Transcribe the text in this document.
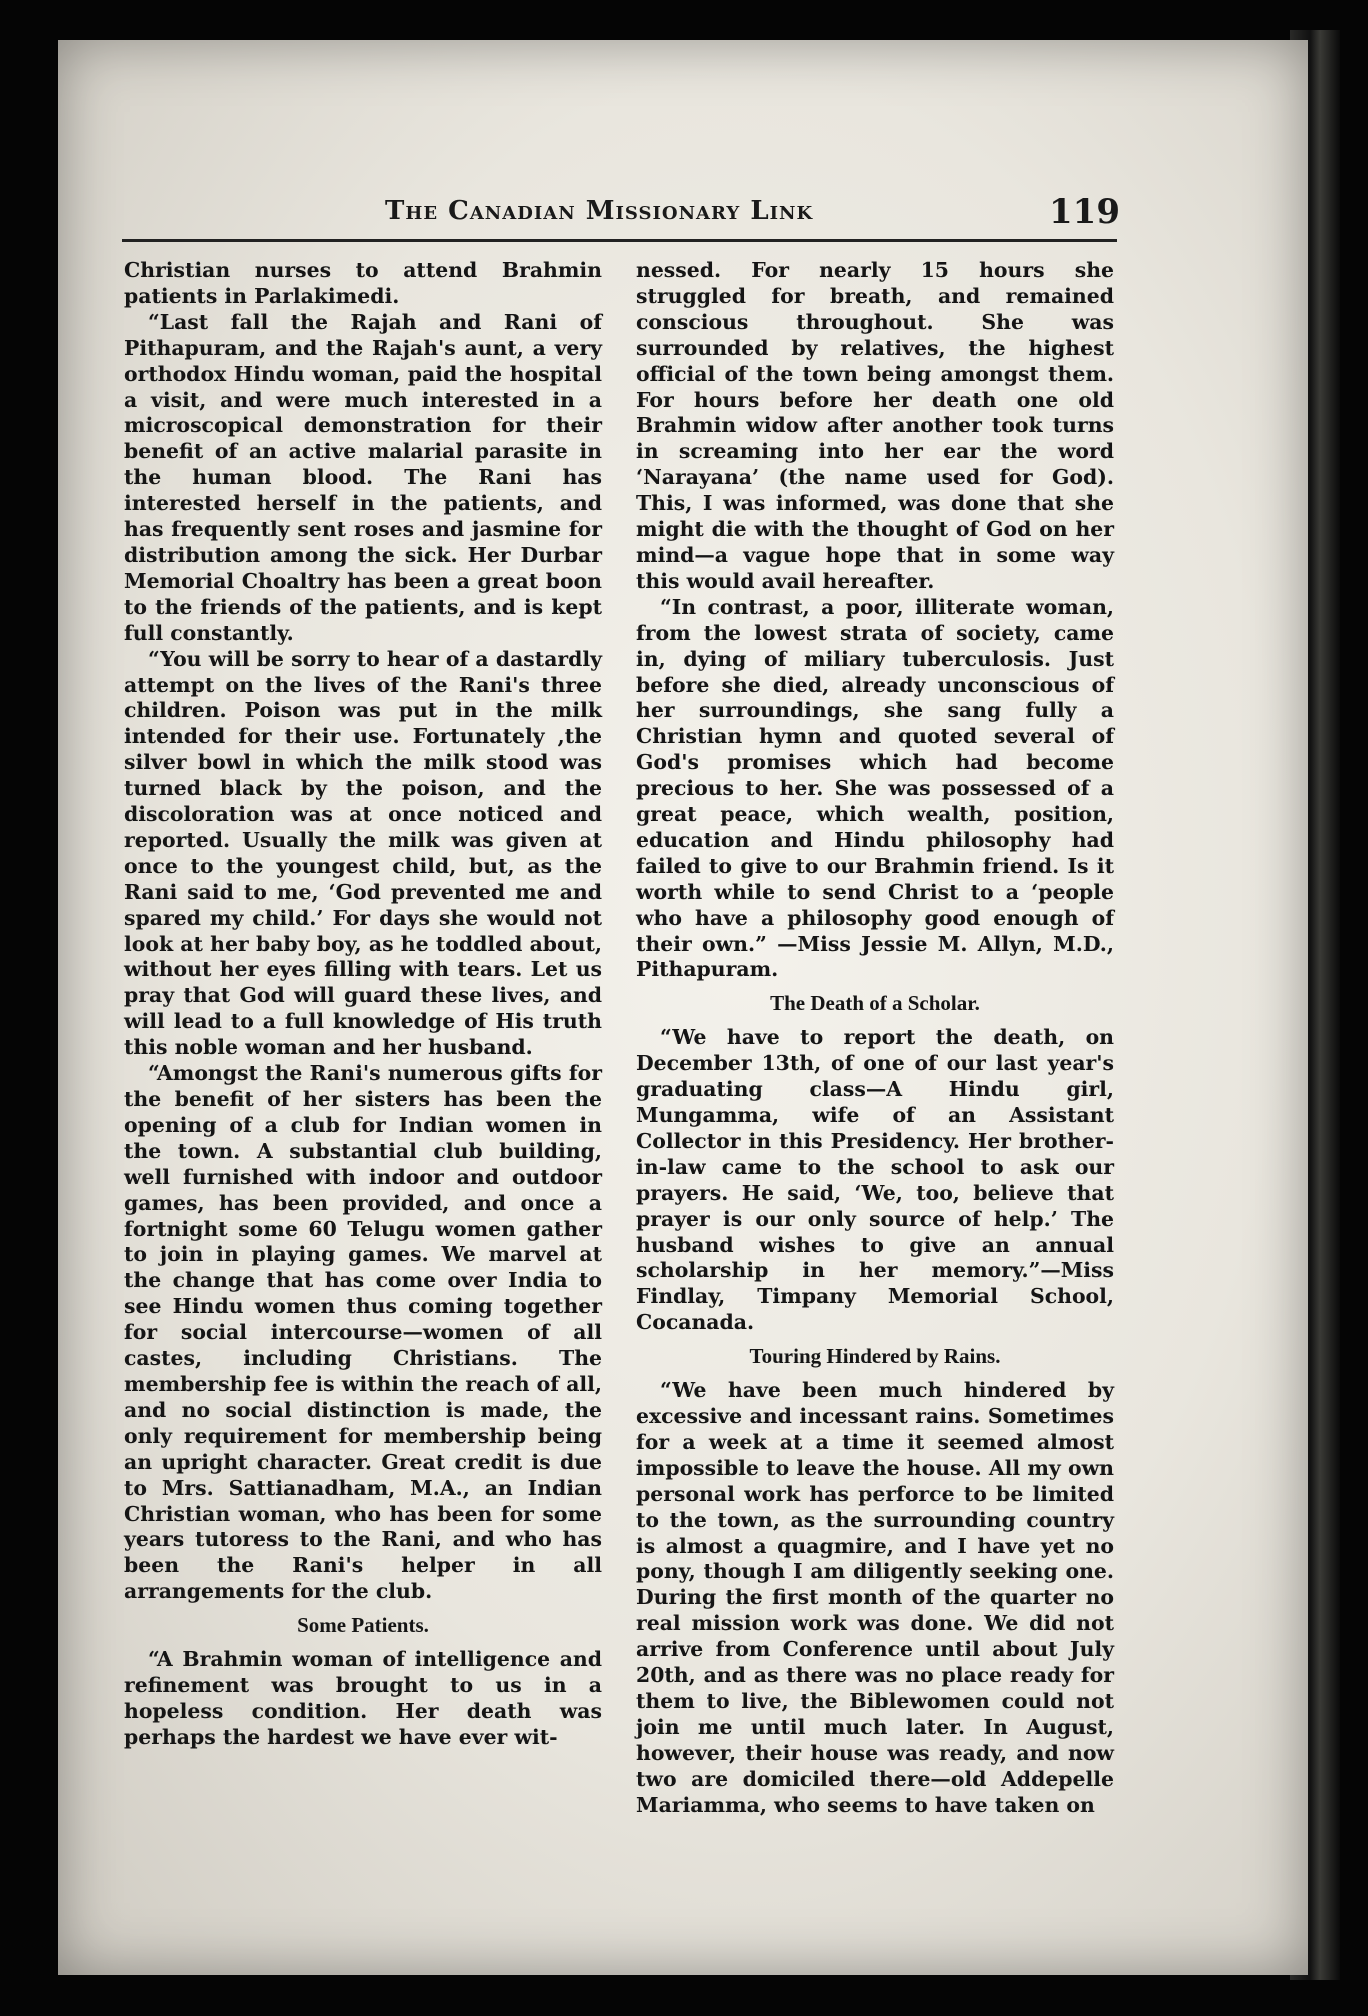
The Canadian Missionary Link	119

Christian nurses to attend Brahmin patients in Parlakimedi.

“Last fall the Rajah and Rani of Pithapuram, and the Rajah's aunt, a very orthodox Hindu woman, paid the hospital a visit, and were much interested in a microscopical demonstration for their benefit of an active malarial parasite in the human blood. The Rani has interested herself in the patients, and has frequently sent roses and jasmine for distribution among the sick. Her Durbar Memorial Choaltry has been a great boon to the friends of the patients, and is kept full constantly.

“You will be sorry to hear of a dastardly attempt on the lives of the Rani's three children. Poison was put in the milk intended for their use. Fortunately ,the silver bowl in which the milk stood was turned black by the poison, and the discoloration was at once noticed and reported. Usually the milk was given at once to the youngest child, but, as the Rani said to me, ‘God prevented me and spared my child.’ For days she would not look at her baby boy, as he toddled about, without her eyes filling with tears. Let us pray that God will guard these lives, and will lead to a full knowledge of His truth this noble woman and her husband.

“Amongst the Rani's numerous gifts for the benefit of her sisters has been the opening of a club for Indian women in the town. A substantial club building, well furnished with indoor and outdoor games, has been provided, and once a fortnight some 60 Telugu women gather to join in playing games. We marvel at the change that has come over India to see Hindu women thus coming together for social intercourse—women of all castes, including Christians. The membership fee is within the reach of all, and no social distinction is made, the only requirement for membership being an upright character. Great credit is due to Mrs. Sattianadham, M.A., an Indian Christian woman, who has been for some years tutoress to the Rani, and who has been the Rani's helper in all arrangements for the club.

Some Patients.

“A Brahmin woman of intelligence and refinement was brought to us in a hopeless condition. Her death was perhaps the hardest we have ever wit-

nessed. For nearly 15 hours she struggled for breath, and remained conscious throughout. She was surrounded by relatives, the highest official of the town being amongst them. For hours before her death one old Brahmin widow after another took turns in screaming into her ear the word ‘Narayana’ (the name used for God). This, I was informed, was done that she might die with the thought of God on her mind—a vague hope that in some way this would avail hereafter.

“In contrast, a poor, illiterate woman, from the lowest strata of society, came in, dying of miliary tuberculosis. Just before she died, already unconscious of her surroundings, she sang fully a Christian hymn and quoted several of God's promises which had become precious to her. She was possessed of a great peace, which wealth, position, education and Hindu philosophy had failed to give to our Brahmin friend. Is it worth while to send Christ to a ‘people who have a philosophy good enough of their own.” —Miss Jessie M. Allyn, M.D., Pithapuram.

The Death of a Scholar.

“We have to report the death, on December 13th, of one of our last year's graduating class—A Hindu girl, Mungamma, wife of an Assistant Collector in this Presidency. Her brother-in-law came to the school to ask our prayers. He said, ‘We, too, believe that prayer is our only source of help.’ The husband wishes to give an annual scholarship in her memory.”—Miss Findlay, Timpany Memorial School, Cocanada.

Touring Hindered by Rains.

“We have been much hindered by excessive and incessant rains. Sometimes for a week at a time it seemed almost impossible to leave the house. All my own personal work has perforce to be limited to the town, as the surrounding country is almost a quagmire, and I have yet no pony, though I am diligently seeking one. During the first month of the quarter no real mission work was done. We did not arrive from Conference until about July 20th, and as there was no place ready for them to live, the Biblewomen could not join me until much later. In August, however, their house was ready, and now two are domiciled there—old Addepelle Mariamma, who seems to have taken on
